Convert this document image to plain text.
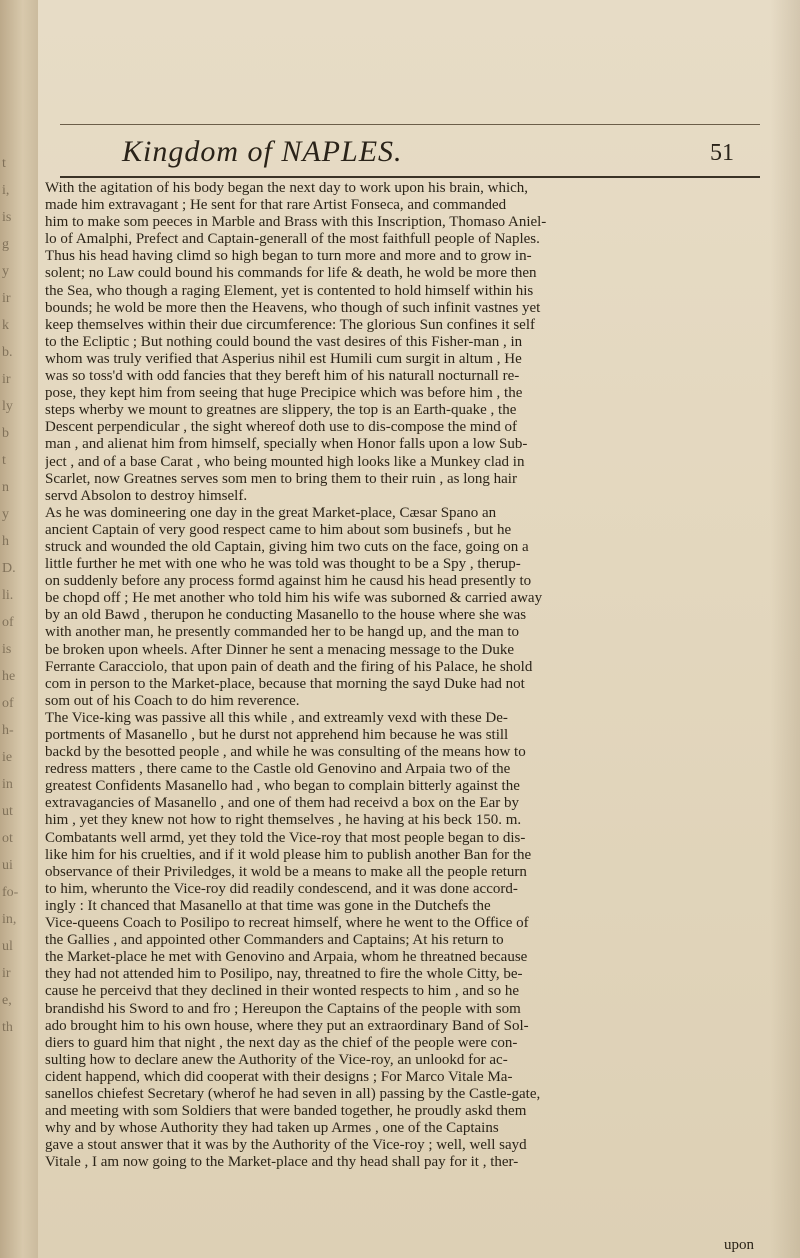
t
i,
is
g
y
ir
k
b.
ir
ly
b
t
n
y
h
D.
li.
of
is
he
of
h-
ie
in
ut
ot
ui
fo-
in,
ul
ir
e,
th
Kingdom of NAPLES.	51
With the agitation of his body began the next day to work upon his brain, which,
made him extravagant ; He sent for that rare Artist Fonseca, and commanded
him to make som peeces in Marble and Brass with this Inscription, Thomaso Aniel-
lo of Amalphi, Prefect and Captain-generall of the most faithfull people of Naples.
Thus his head having climd so high began to turn more and more and to grow in-
solent; no Law could bound his commands for life & death, he wold be more then
the Sea, who though a raging Element, yet is contented to hold himself within his
bounds; he wold be more then the Heavens, who though of such infinit vastnes yet
keep themselves within their due circumference: The glorious Sun confines it self
to the Ecliptic ; But nothing could bound the vast desires of this Fisher-man , in
whom was truly verified that Asperius nihil est Humili cum surgit in altum , He
was so toss'd with odd fancies that they bereft him of his naturall nocturnall re-
pose, they kept him from seeing that huge Precipice which was before him , the
steps wherby we mount to greatnes are slippery, the top is an Earth-quake , the
Descent perpendicular , the sight whereof doth use to dis-compose the mind of
man , and alienat him from himself, specially when Honor falls upon a low Sub-
ject , and of a base Carat , who being mounted high looks like a Munkey clad in
Scarlet, now Greatnes serves som men to bring them to their ruin , as long hair
servd Absolon to destroy himself.
As he was domineering one day in the great Market-place, Cæsar Spano an
ancient Captain of very good respect came to him about som businefs , but he
struck and wounded the old Captain, giving him two cuts on the face, going on a
little further he met with one who he was told was thought to be a Spy , therup-
on suddenly before any process formd against him he causd his head presently to
be chopd off ; He met another who told him his wife was suborned & carried away
by an old Bawd , therupon he conducting Masanello to the house where she was
with another man, he presently commanded her to be hangd up, and the man to
be broken upon wheels. After Dinner he sent a menacing message to the Duke
Ferrante Caracciolo, that upon pain of death and the firing of his Palace, he shold
com in person to the Market-place, because that morning the sayd Duke had not
som out of his Coach to do him reverence.
The Vice-king was passive all this while , and extreamly vexd with these De-
portments of Masanello , but he durst not apprehend him because he was still
backd by the besotted people , and while he was consulting of the means how to
redress matters , there came to the Castle old Genovino and Arpaia two of the
greatest Confidents Masanello had , who began to complain bitterly against the
extravagancies of Masanello , and one of them had receivd a box on the Ear by
him , yet they knew not how to right themselves , he having at his beck 150. m.
Combatants well armd, yet they told the Vice-roy that most people began to dis-
like him for his cruelties, and if it wold please him to publish another Ban for the
observance of their Priviledges, it wold be a means to make all the people return
to him, wherunto the Vice-roy did readily condescend, and it was done accord-
ingly : It chanced that Masanello at that time was gone in the Dutchefs the
Vice-queens Coach to Posilipo to recreat himself, where he went to the Office of
the Gallies , and appointed other Commanders and Captains; At his return to
the Market-place he met with Genovino and Arpaia, whom he threatned because
they had not attended him to Posilipo, nay, threatned to fire the whole Citty, be-
cause he perceivd that they declined in their wonted respects to him , and so he
brandishd his Sword to and fro ; Hereupon the Captains of the people with som
ado brought him to his own house, where they put an extraordinary Band of Sol-
diers to guard him that night , the next day as the chief of the people were con-
sulting how to declare anew the Authority of the Vice-roy, an unlookd for ac-
cident happend, which did cooperat with their designs ; For Marco Vitale Ma-
sanellos chiefest Secretary (wherof he had seven in all) passing by the Castle-gate,
and meeting with som Soldiers that were banded together, he proudly askd them
why and by whose Authority they had taken up Armes , one of the Captains
gave a stout answer that it was by the Authority of the Vice-roy ; well, well sayd
Vitale , I am now going to the Market-place and thy head shall pay for it , ther-
upon
